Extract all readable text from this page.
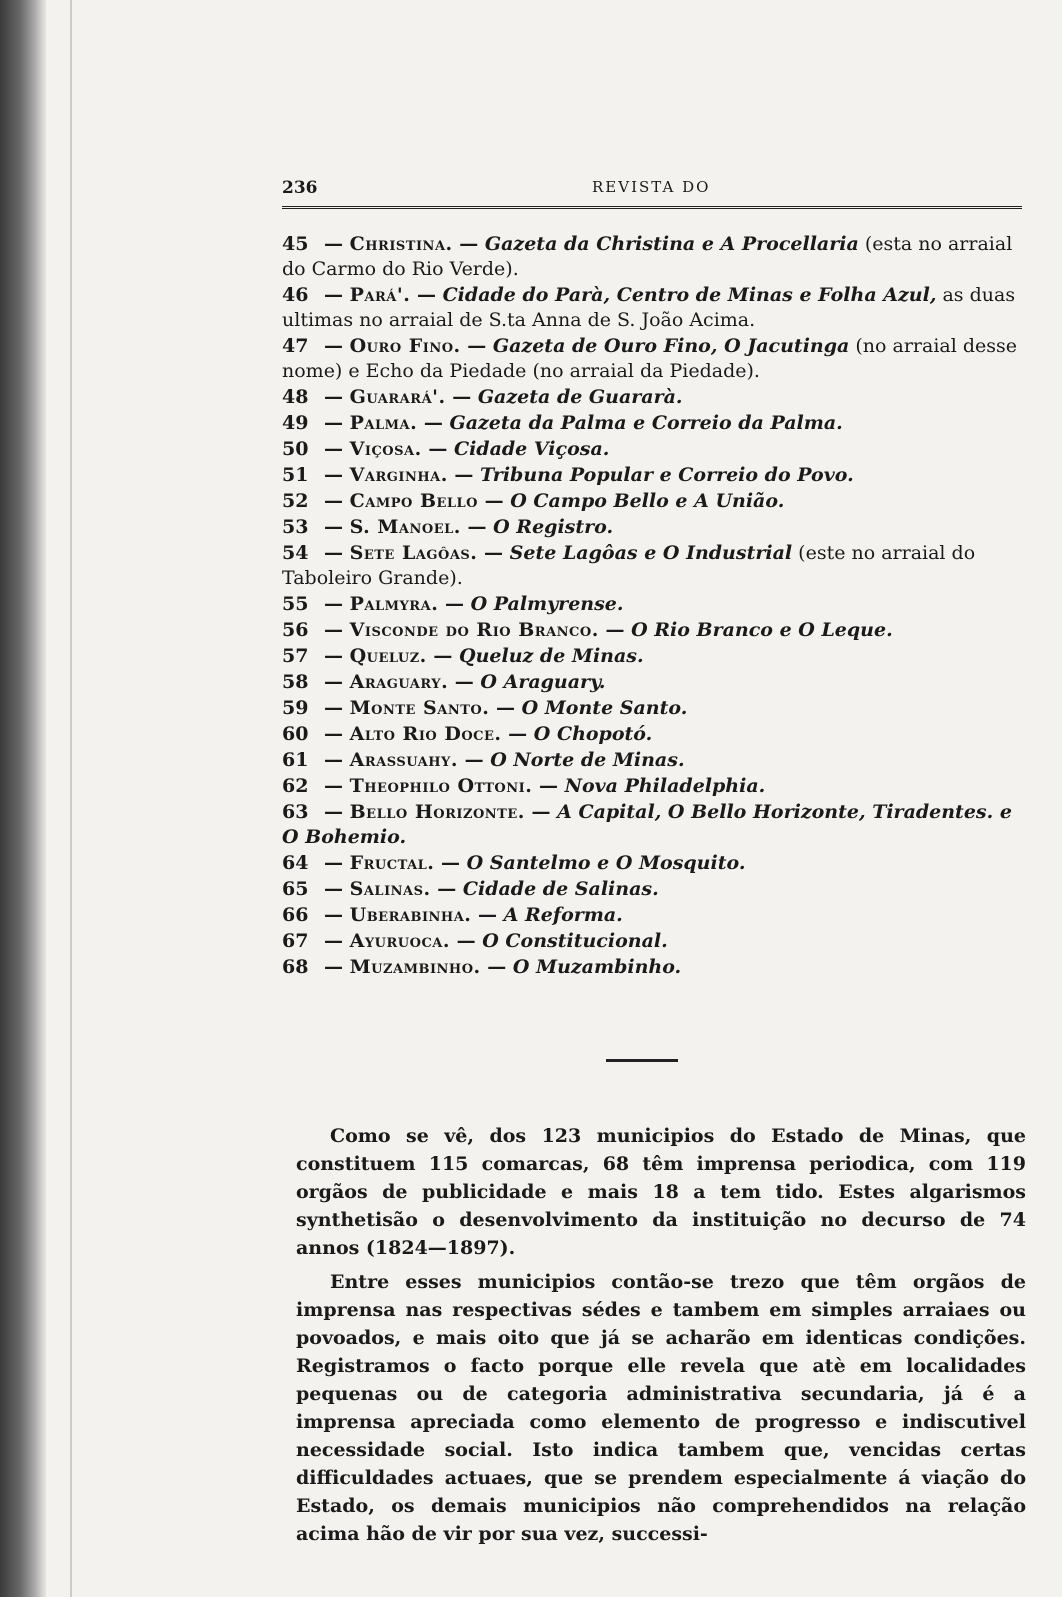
236	REVISTA DO
45 — Christina. — Gazeta da Christina e A Procellaria (esta no arraial do Carmo do Rio Verde).
46 — Pará'. — Cidade do Parà, Centro de Minas e Folha Azul, as duas ultimas no arraial de S.ta Anna de S. João Acima.
47 — Ouro Fino. — Gazeta de Ouro Fino, O Jacutinga (no arraial desse nome) e Echo da Piedade (no arraial da Piedade).
48 — Guarará'. — Gazeta de Guararà.
49 — Palma. — Gazeta da Palma e Correio da Palma.
50 — Viçosa. — Cidade Viçosa.
51 — Varginha. — Tribuna Popular e Correio do Povo.
52 — Campo Bello — O Campo Bello e A União.
53 — S. Manoel. — O Registro.
54 — Sete Lagôas. — Sete Lagôas e O Industrial (este no arraial do Taboleiro Grande).
55 — Palmyra. — O Palmyrense.
56 — Visconde do Rio Branco. — O Rio Branco e O Leque.
57 — Queluz. — Queluz de Minas.
58 — Araguary. — O Araguary.
59 — Monte Santo. — O Monte Santo.
60 — Alto Rio Doce. — O Chopotó.
61 — Arassuahy. — O Norte de Minas.
62 — Theophilo Ottoni. — Nova Philadelphia.
63 — Bello Horizonte. — A Capital, O Bello Horizonte, Tiradentes. e O Bohemio.
64 — Fructal. — O Santelmo e O Mosquito.
65 — Salinas. — Cidade de Salinas.
66 — Uberabinha. — A Reforma.
67 — Ayuruoca. — O Constitucional.
68 — Muzambinho. — O Muzambinho.

Como se vê, dos 123 municipios do Estado de Minas, que constituem 115 comarcas, 68 têm imprensa periodica, com 119 orgãos de publicidade e mais 18 a tem tido. Estes algarismos synthetisão o desenvolvimento da instituição no decurso de 74 annos (1824—1897).

Entre esses municipios contão-se trezo que têm orgãos de imprensa nas respectivas sédes e tambem em simples arraiaes ou povoados, e mais oito que já se acharão em identicas condições. Registramos o facto porque elle revela que atè em localidades pequenas ou de categoria administrativa secundaria, já é a imprensa apreciada como elemento de progresso e indiscutivel necessidade social. Isto indica tambem que, vencidas certas difficuldades actuaes, que se prendem especialmente á viação do Estado, os demais municipios não comprehendidos na relação acima hão de vir por sua vez, successi-
